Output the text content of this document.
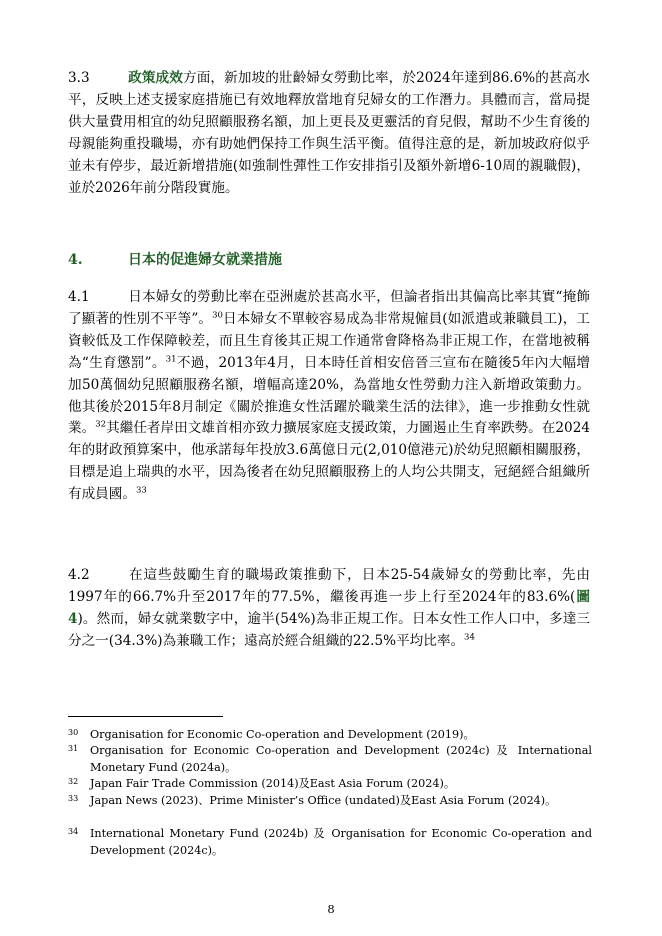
3.3	政策成效方面，新加坡的壯齡婦女勞動比率，於2024年達到86.6%的甚高水平，反映上述支援家庭措施已有效地釋放當地育兒婦女的工作潛力。具體而言，當局提供大量費用相宜的幼兒照顧服務名額，加上更長及更靈活的育兒假，幫助不少生育後的母親能夠重投職場，亦有助她們保持工作與生活平衡。值得注意的是，新加坡政府似乎並未有停步，最近新增措施(如強制性彈性工作安排指引及額外新增6-10周的親職假)，並於2026年前分階段實施。

4.	日本的促進婦女就業措施

4.1	日本婦女的勞動比率在亞洲處於甚高水平，但論者指出其偏高比率其實“掩飾了顯著的性別不平等”。$^{30}$日本婦女不單較容易成為非常規僱員(如派遣或兼職員工)，工資較低及工作保障較差，而且生育後其正規工作通常會降格為非正規工作，在當地被稱為“生育懲罰”。$^{31}$不過，2013年4月，日本時任首相安倍晉三宣布在隨後5年內大幅增加50萬個幼兒照顧服務名額，增幅高達20%，為當地女性勞動力注入新增政策動力。他其後於2015年8月制定《關於推進女性活躍於職業生活的法律》，進一步推動女性就業。$^{32}$其繼任者岸田文雄首相亦致力擴展家庭支援政策，力圖遏止生育率跌勢。在2024年的財政預算案中，他承諾每年投放3.6萬億日元(2,010億港元)於幼兒照顧相關服務，目標是追上瑞典的水平，因為後者在幼兒照顧服務上的人均公共開支，冠絕經合組織所有成員國。$^{33}$

4.2	在這些鼓勵生育的職場政策推動下，日本25-54歲婦女的勞動比率，先由1997年的66.7%升至2017年的77.5%，繼後再進一步上行至2024年的83.6%(圖4)。然而，婦女就業數字中，逾半(54%)為非正規工作。日本女性工作人口中，多達三分之一(34.3%)為兼職工作；遠高於經合組織的22.5%平均比率。$^{34}$

30 Organisation for Economic Co-operation and Development (2019)。
31 Organisation for Economic Co-operation and Development (2024c) 及 International Monetary Fund (2024a)。
32 Japan Fair Trade Commission (2014)及East Asia Forum (2024)。
33 Japan News (2023)、Prime Minister’s Office (undated)及East Asia Forum (2024)。
34 International Monetary Fund (2024b) 及 Organisation for Economic Co-operation and Development (2024c)。
8
